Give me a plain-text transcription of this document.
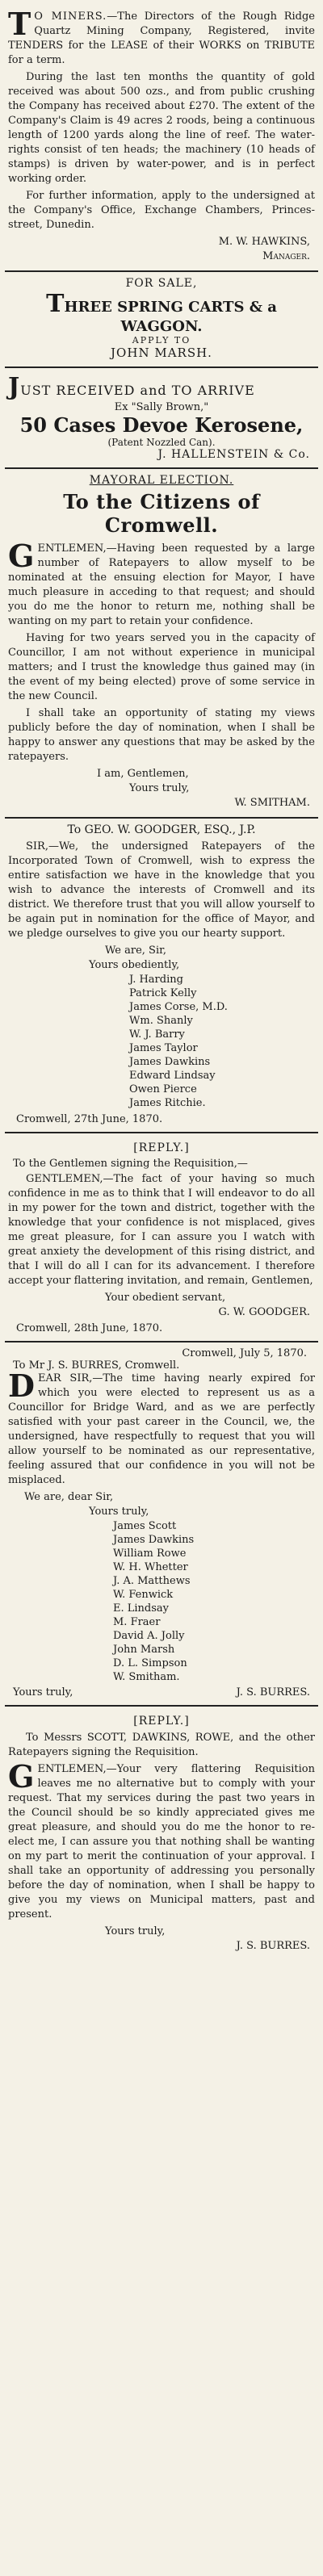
T O MINERS.—The Directors of the Rough Ridge Quartz Mining Company, Registered, invite TENDERS for the LEASE of their WORKS on TRIBUTE for a term.

During the last ten months the quantity of gold received was about 500 ozs., and from public crushing the Company has received about £270. The extent of the Company's Claim is 49 acres 2 roods, being a continuous length of 1200 yards along the line of reef. The water-rights consist of ten heads; the machinery (10 heads of stamps) is driven by water-power, and is in perfect working order.

For further information, apply to the undersigned at the Company's Office, Exchange Chambers, Princes-street, Dunedin.

M. W. HAWKINS,
Manager.
FOR SALE,
THREE SPRING CARTS & a WAGGON.
APPLY TO
JOHN MARSH.
JUST RECEIVED and TO ARRIVE
Ex "Sally Brown,"
50 Cases Devoe Kerosene,
(Patent Nozzled Can).
J. HALLENSTEIN & Co.
MAYORAL ELECTION.
To the Citizens of Cromwell.

GENTLEMEN,—Having been requested by a large number of Ratepayers to allow myself to be nominated at the ensuing election for Mayor, I have much pleasure in acceding to that request; and should you do me the honor to return me, nothing shall be wanting on my part to retain your confidence.

Having for two years served you in the capacity of Councillor, I am not without experience in municipal matters; and I trust the knowledge thus gained may (in the event of my being elected) prove of some service in the new Council.

I shall take an opportunity of stating my views publicly before the day of nomination, when I shall be happy to answer any questions that may be asked by the ratepayers.

I am, Gentlemen,
Yours truly,
W. SMITHAM.
To GEO. W. GOODGER, ESQ., J.P.

SIR,—We, the undersigned Ratepayers of the Incorporated Town of Cromwell, wish to express the entire satisfaction we have in the knowledge that you wish to advance the interests of Cromwell and its district. We therefore trust that you will allow yourself to be again put in nomination for the office of Mayor, and we pledge ourselves to give you our hearty support.

We are, Sir,
Yours obediently,
J. Harding
Patrick Kelly
James Corse, M.D.
Wm. Shanly
W. J. Barry
James Taylor
James Dawkins
Edward Lindsay
Owen Pierce
James Ritchie.
Cromwell, 27th June, 1870.
[REPLY.]
To the Gentlemen signing the Requisition,—

GENTLEMEN,—The fact of your having so much confidence in me as to think that I will endeavor to do all in my power for the town and district, together with the knowledge that your confidence is not misplaced, gives me great pleasure, for I can assure you I watch with great anxiety the development of this rising district, and that I will do all I can for its advancement. I therefore accept your flattering invitation, and remain, Gentlemen,

Your obedient servant,
G. W. GOODGER.
Cromwell, 28th June, 1870.
Cromwell, July 5, 1870.
To Mr J. S. BURRES, Cromwell.

DEAR SIR,—The time having nearly expired for which you were elected to represent us as a Councillor for Bridge Ward, and as we are perfectly satisfied with your past career in the Council, we, the undersigned, have respectfully to request that you will allow yourself to be nominated as our representative, feeling assured that our confidence in you will not be misplaced.

We are, dear Sir,
Yours truly,
James Scott
James Dawkins
William Rowe
W. H. Whetter
J. A. Matthews
W. Fenwick
E. Lindsay
M. Fraer
David A. Jolly
John Marsh
D. L. Simpson
W. Smitham.
Yours truly,	J. S. BURRES.
[REPLY.]

To Messrs SCOTT, DAWKINS, ROWE, and the other Ratepayers signing the Requisition.

GENTLEMEN,—Your very flattering Requisition leaves me no alternative but to comply with your request. That my services during the past two years in the Council should be so kindly appreciated gives me great pleasure, and should you do me the honor to re-elect me, I can assure you that nothing shall be wanting on my part to merit the continuation of your approval. I shall take an opportunity of addressing you personally before the day of nomination, when I shall be happy to give you my views on Municipal matters, past and present.

Yours truly,
J. S. BURRES.
